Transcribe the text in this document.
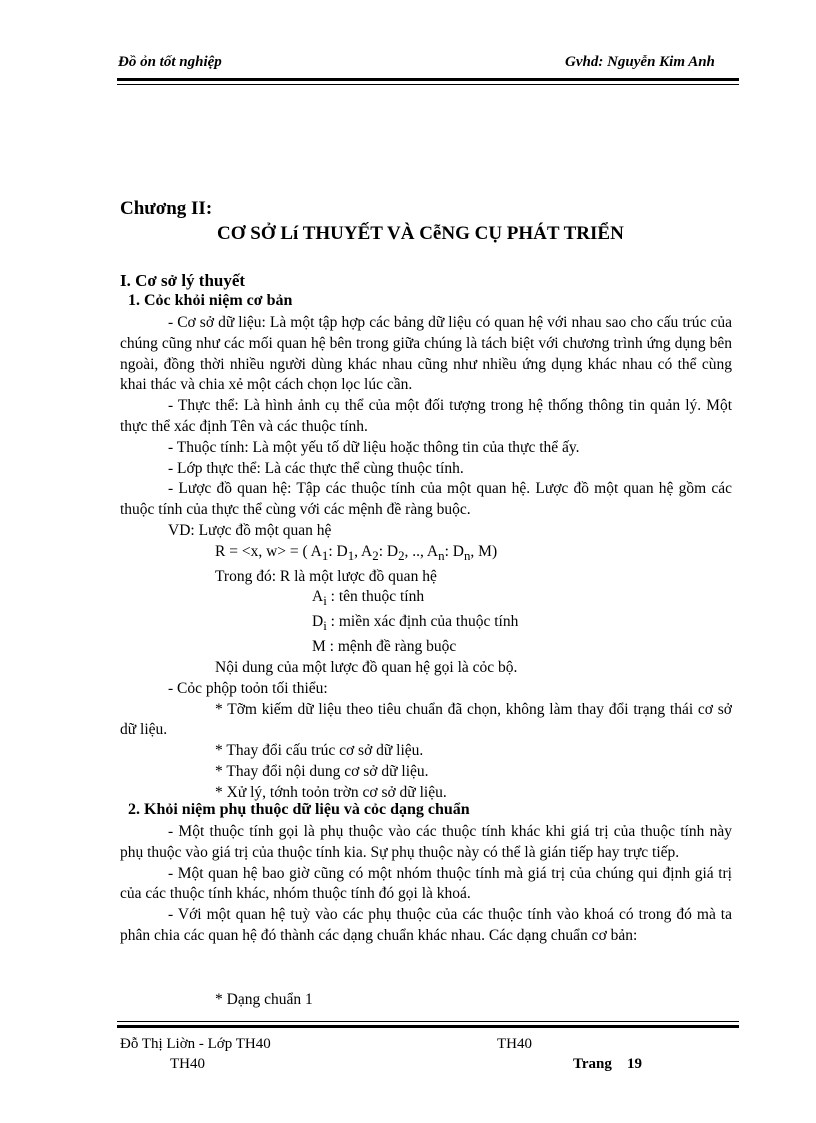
Đồ ỏn tốt nghiệp	Gvhd: Nguyễn Kim Anh
Chương II:
CƠ SỞ Lí THUYẾT VÀ CễNG CỤ PHÁT TRIỂN
I. Cơ sở lý thuyết
1. Cỏc khỏi niệm cơ bản

- Cơ sở dữ liệu: Là một tập hợp các bảng dữ liệu có quan hệ với nhau sao cho cấu trúc của chúng cũng như các mối quan hệ bên trong giữa chúng là tách biệt với chương trình ứng dụng bên ngoài, đồng thời nhiều người dùng khác nhau cũng như nhiều ứng dụng khác nhau có thể cùng khai thác và chia xẻ một cách chọn lọc lúc cần.

- Thực thể: Là hình ảnh cụ thể của một đối tượng trong hệ thống thông tin quản lý. Một thực thể xác định Tên và các thuộc tính.

- Thuộc tính: Là một yếu tố dữ liệu hoặc thông tin của thực thể ấy.

- Lớp thực thể: Là các thực thể cùng thuộc tính.

- Lược đồ quan hệ: Tập các thuộc tính của một quan hệ. Lược đồ một quan hệ gồm các thuộc tính của thực thể cùng với các mệnh đề ràng buộc.

VD: Lược đồ một quan hệ

R = <x, w> = ( $A_1$: $D_1$, $A_2$: $D_2$, .., $A_n$: $D_n$, M)

Trong đó: R là một lược đồ quan hệ

$A_i$ : tên thuộc tính

$D_i$ : miền xác định của thuộc tính

M : mệnh đề ràng buộc

Nội dung của một lược đồ quan hệ gọi là cỏc bộ.

- Cỏc phộp toỏn tối thiểu:

* Tỡm kiếm dữ liệu theo tiêu chuẩn đã chọn, không làm thay đổi trạng thái cơ sở dữ liệu.

* Thay đổi cấu trúc cơ sở dữ liệu.

* Thay đổi nội dung cơ sở dữ liệu.

* Xử lý, tớnh toỏn trờn cơ sở dữ liệu.

2. Khỏi niệm phụ thuộc dữ liệu và cỏc dạng chuẩn

- Một thuộc tính gọi là phụ thuộc vào các thuộc tính khác khi giá trị của thuộc tính này phụ thuộc vào giá trị của thuộc tính kia. Sự phụ thuộc này có thể là gián tiếp hay trực tiếp.

- Một quan hệ bao giờ cũng có một nhóm thuộc tính mà giá trị của chúng qui định giá trị của các thuộc tính khác, nhóm thuộc tính đó gọi là khoá.

- Với một quan hệ tuỳ vào các phụ thuộc của các thuộc tính vào khoá có trong đó mà ta phân chia các quan hệ đó thành các dạng chuẩn khác nhau. Các dạng chuẩn cơ bản:

* Dạng chuẩn 1

Đỗ Thị Liờn - Lớp TH40	TH40
TH40	Trang 19
